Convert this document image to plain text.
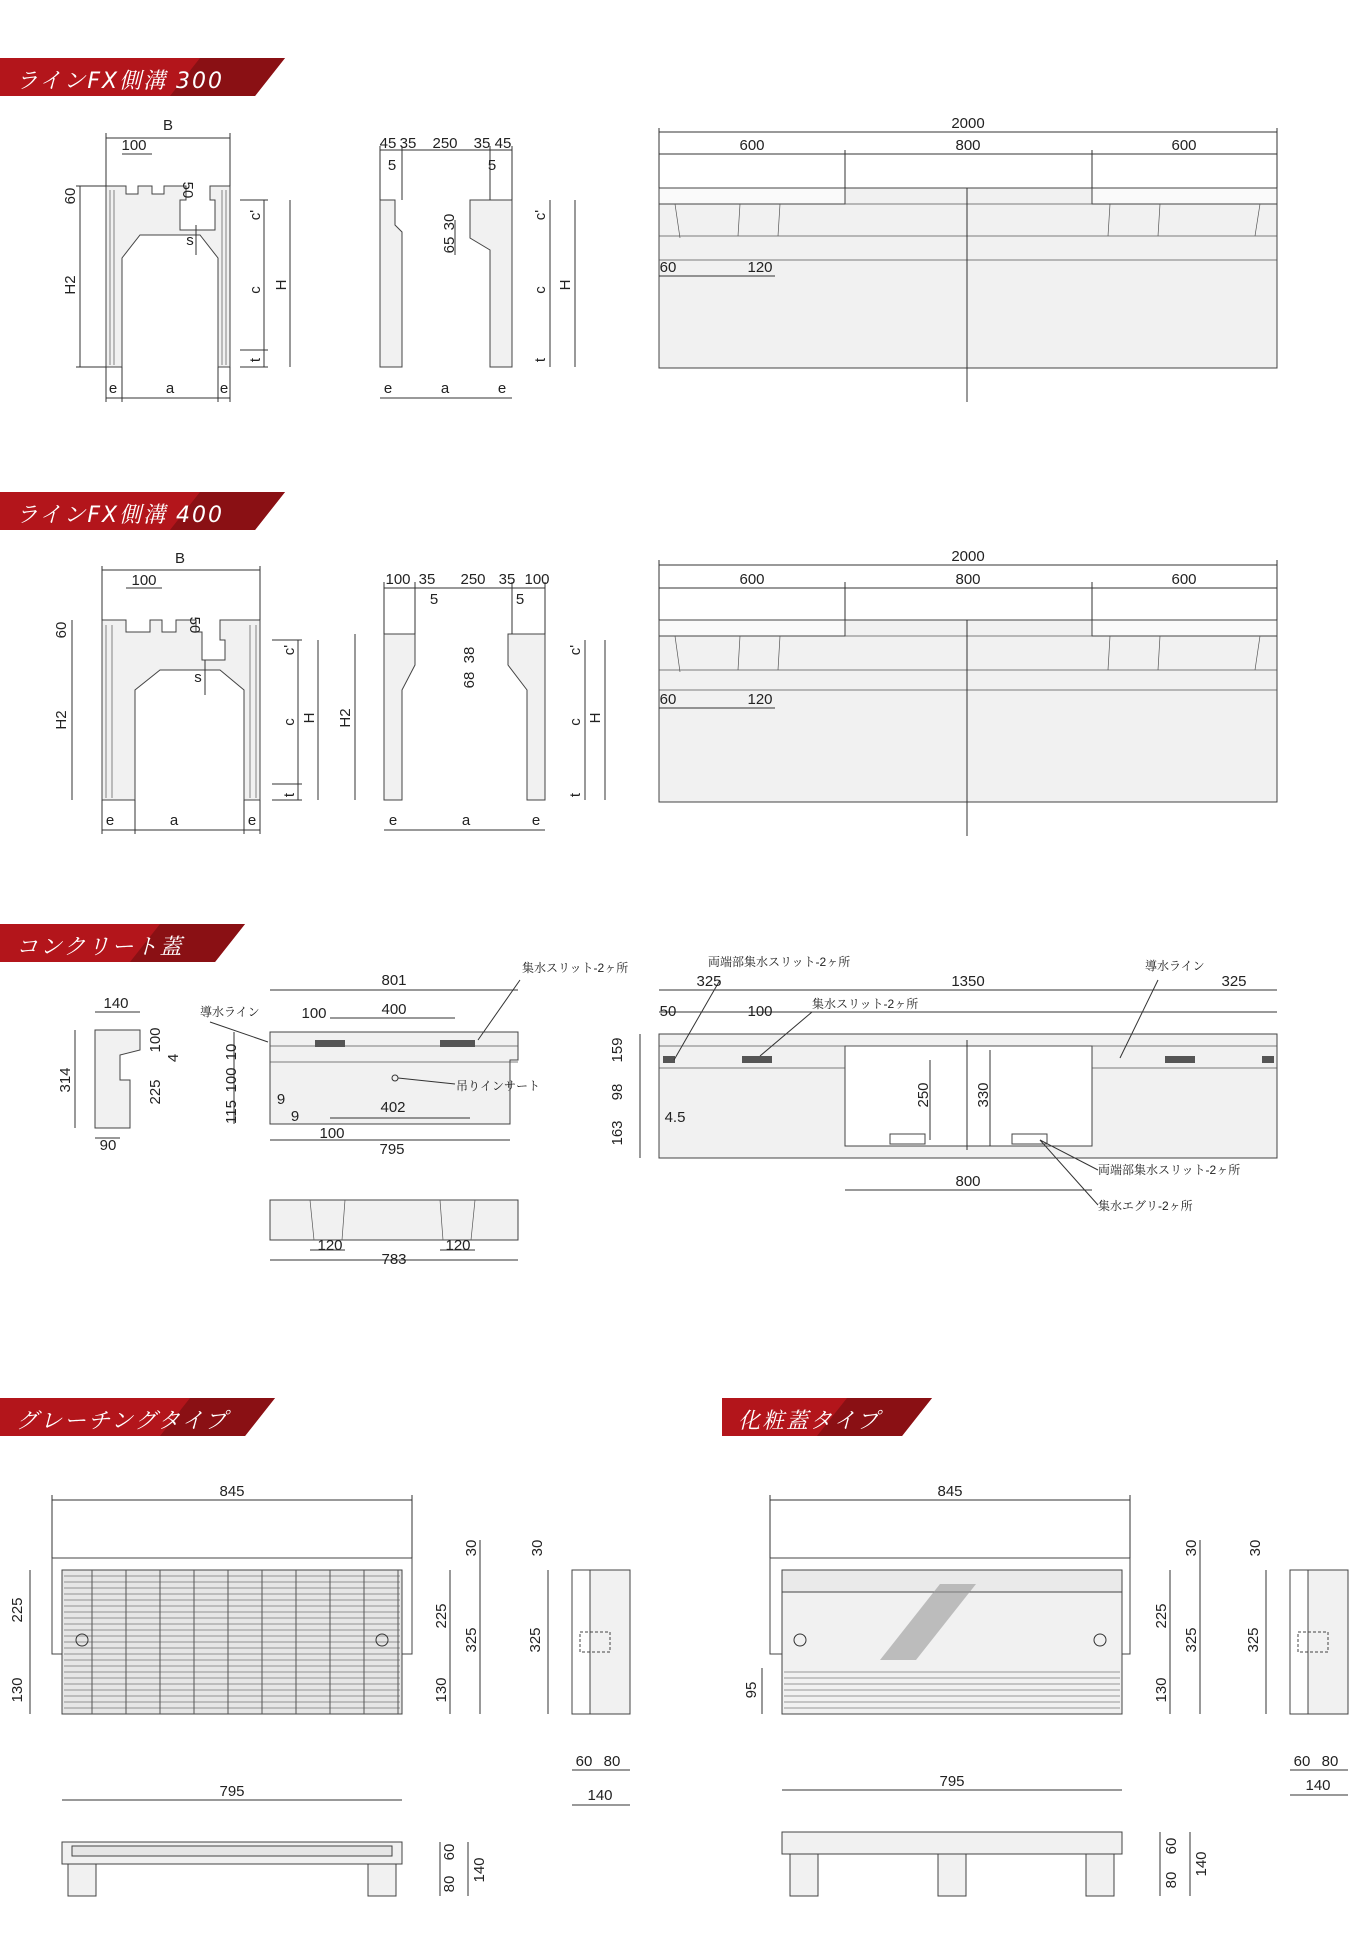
ラインFX側溝 300
ラインFX側溝 400
コンクリート蓋
グレーチングタイプ	化粧蓋タイプ
B
100
60	50
H2
s
c'
c H
t
e	a	e
45 35 250 35 45
5	5
65
30	c'
c H
t
e	a	e
2000
600	800	600
60	120
B
100
60	50
H2
s
c'
c H
t
e	a	e
100 35 250 35 100
5	5
68
38
H2
c'
c H
t
e	a	e
2000
600	800	600
60	120
140
100
4
314	225
90
801
400
100
10
100
115
9
9
402
100
795
導水ライン
集水スリット-2ヶ所
吊りインサート
120
783
120
325	1350	325
50	100
159
98
163
4.5
250	330
800
両端部集水スリット-2ヶ所
集水スリット-2ヶ所
導水ライン
両端部集水スリット-2ヶ所
集水エグリ-2ヶ所
845
30
225	225
325
130	130
30
325
60 80
140
795
60
80
140
845
30
225
325
130
95
30
325
60 80
140
795
60
80
140
